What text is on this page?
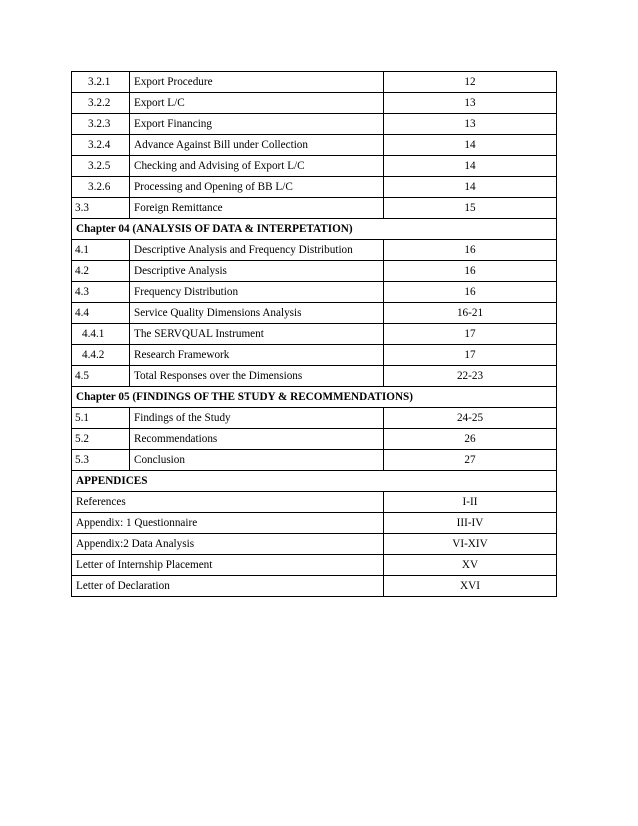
3.2.1	Export Procedure	12
3.2.2	Export L/C	13
3.2.3	Export Financing	13
3.2.4	Advance Against Bill under Collection	14
3.2.5	Checking and Advising of Export L/C	14
3.2.6	Processing and Opening of BB L/C	14
3.3	Foreign Remittance	15
Chapter 04 (ANALYSIS OF DATA & INTERPETATION)		
4.1	Descriptive Analysis and Frequency Distribution	16
4.2	Descriptive Analysis	16
4.3	Frequency Distribution	16
4.4	Service Quality Dimensions Analysis	16-21
4.4.1	The SERVQUAL Instrument	17
4.4.2	Research Framework	17
4.5	Total Responses over the Dimensions	22-23
Chapter 05 (FINDINGS OF THE STUDY & RECOMMENDATIONS)		
5.1	Findings of the Study	24-25
5.2	Recommendations	26
5.3	Conclusion	27
APPENDICES		
References		I-II
Appendix: 1 Questionnaire		III-IV
Appendix:2 Data Analysis		VI-XIV
Letter of Internship Placement		XV
Letter of Declaration		XVI
